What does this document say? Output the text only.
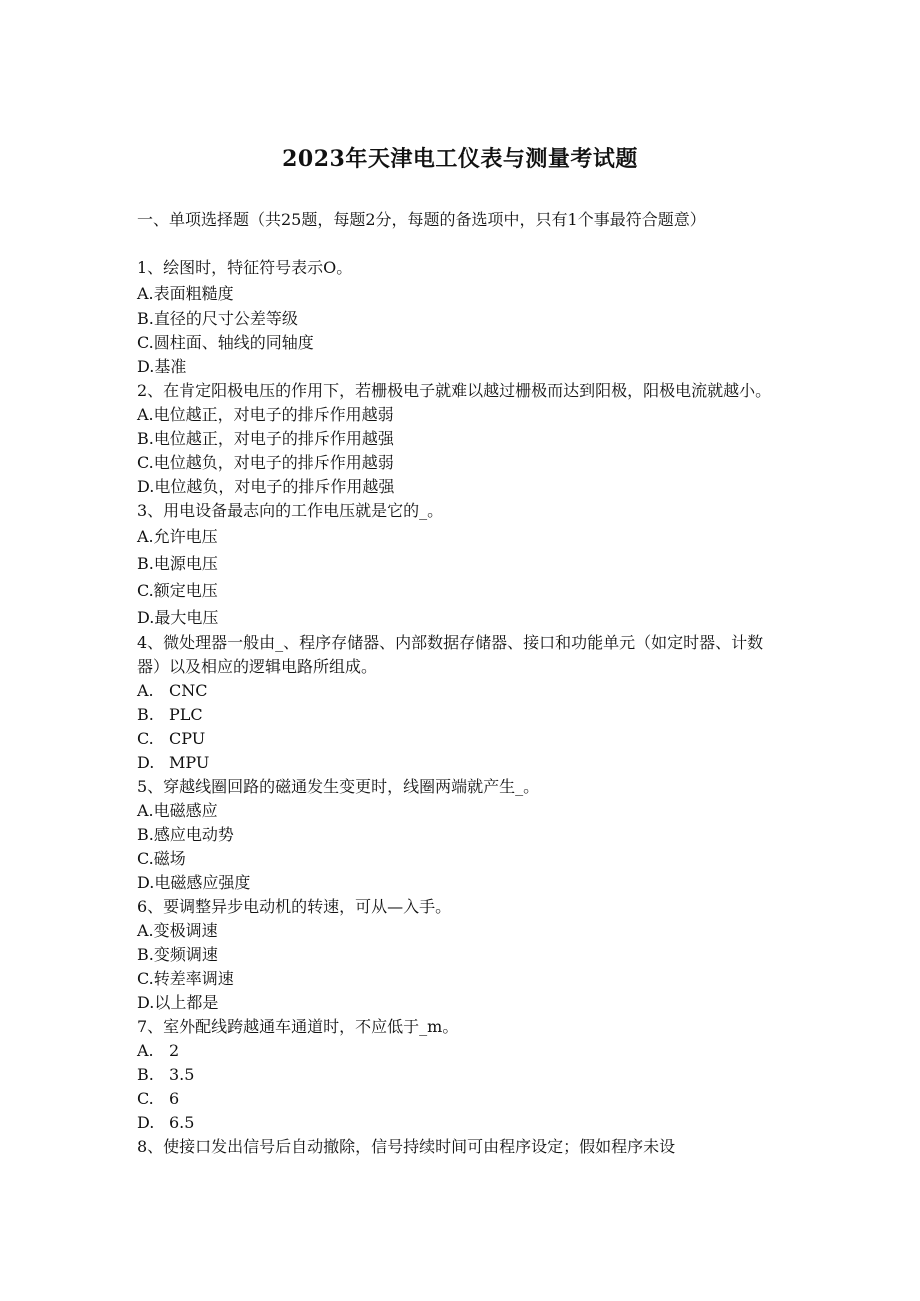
2023年天津电工仪表与测量考试题
一、单项选择题（共25题，每题2分，每题的备选项中，只有1个事最符合题意）
1、绘图时，特征符号表示O。
A.表面粗糙度
B.直径的尺寸公差等级
C.圆柱面、轴线的同轴度
D.基准
2、在肯定阳极电压的作用下，若栅极电子就难以越过栅极而达到阳极，阳极电流就越小。
A.电位越正，对电子的排斥作用越弱
B.电位越正，对电子的排斥作用越强
C.电位越负，对电子的排斥作用越弱
D.电位越负，对电子的排斥作用越强
3、用电设备最志向的工作电压就是它的_。
A.允许电压
B.电源电压
C.额定电压
D.最大电压
4、微处理器一般由_、程序存储器、内部数据存储器、接口和功能单元（如定时器、计数器）以及相应的逻辑电路所组成。
A. CNC
B. PLC
C. CPU
D. MPU
5、穿越线圈回路的磁通发生变更时，线圈两端就产生_。
A.电磁感应
B.感应电动势
C.磁场
D.电磁感应强度
6、要调整异步电动机的转速，可从—入手。
A.变极调速
B.变频调速
C.转差率调速
D.以上都是
7、室外配线跨越通车通道时，不应低于_m。
A. 2
B. 3.5
C. 6
D. 6.5
8、使接口发出信号后自动撤除，信号持续时间可由程序设定；假如程序未设
